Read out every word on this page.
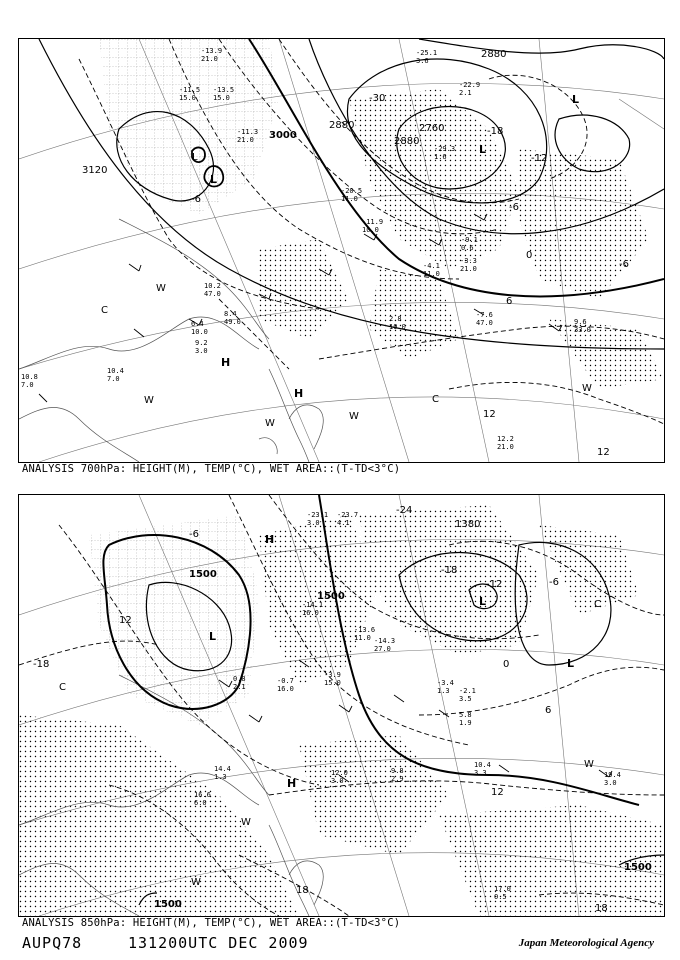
3120
3000
2880
2880
2760
2880
-30
-18
-12
-6
0
6
12
12
-6
-6
L
L
L
L
W
C
H
W
H
W
W
C
W
-13.9
21.0
-11.5
15.0
-13.5
15.0
-11.3
21.0
-20.5
11.0
-29.3
1.6
-25.1
3.6
-22.9
2.1
-11.9
10.0
-9.1
0.6
-4.1
11.0
-3.3
21.0
-7.6
47.0	9.6
33.0
2.8
10.0
10.2
47.0
8.4
49.0
10.4
7.0
10.8
7.0
12.2
21.0
6.4
10.0
9.2
3.0
ANALYSIS 700hPa: HEIGHT(M), TEMP(°C), WET AREA::(T-TD<3°C)
1500
1500
1500
1500
1380
-24
-18
-12
-6
-6
0
6
12
18
18
-18
12
H
L
L
L
C
H
W
W
W
C
-23.1
3.0
-23.7
4.1
-14.1
16.0
-13.6
11.0 -14.3
27.0
-3.9
15.0
-0.7
16.0
-3.4
1.3 -2.1
3.5
5.8
1.9
10.4
3.3	19.4
3.0
17.0
0.5
14.4
1.3
16.6
6.0
12.0
3.0
9.8
2.9
0.8
2.1
ANALYSIS 850hPa: HEIGHT(M), TEMP(°C), WET AREA::(T-TD<3°C)
AUPQ78	131200UTC DEC 2009	Japan Meteorological Agency
